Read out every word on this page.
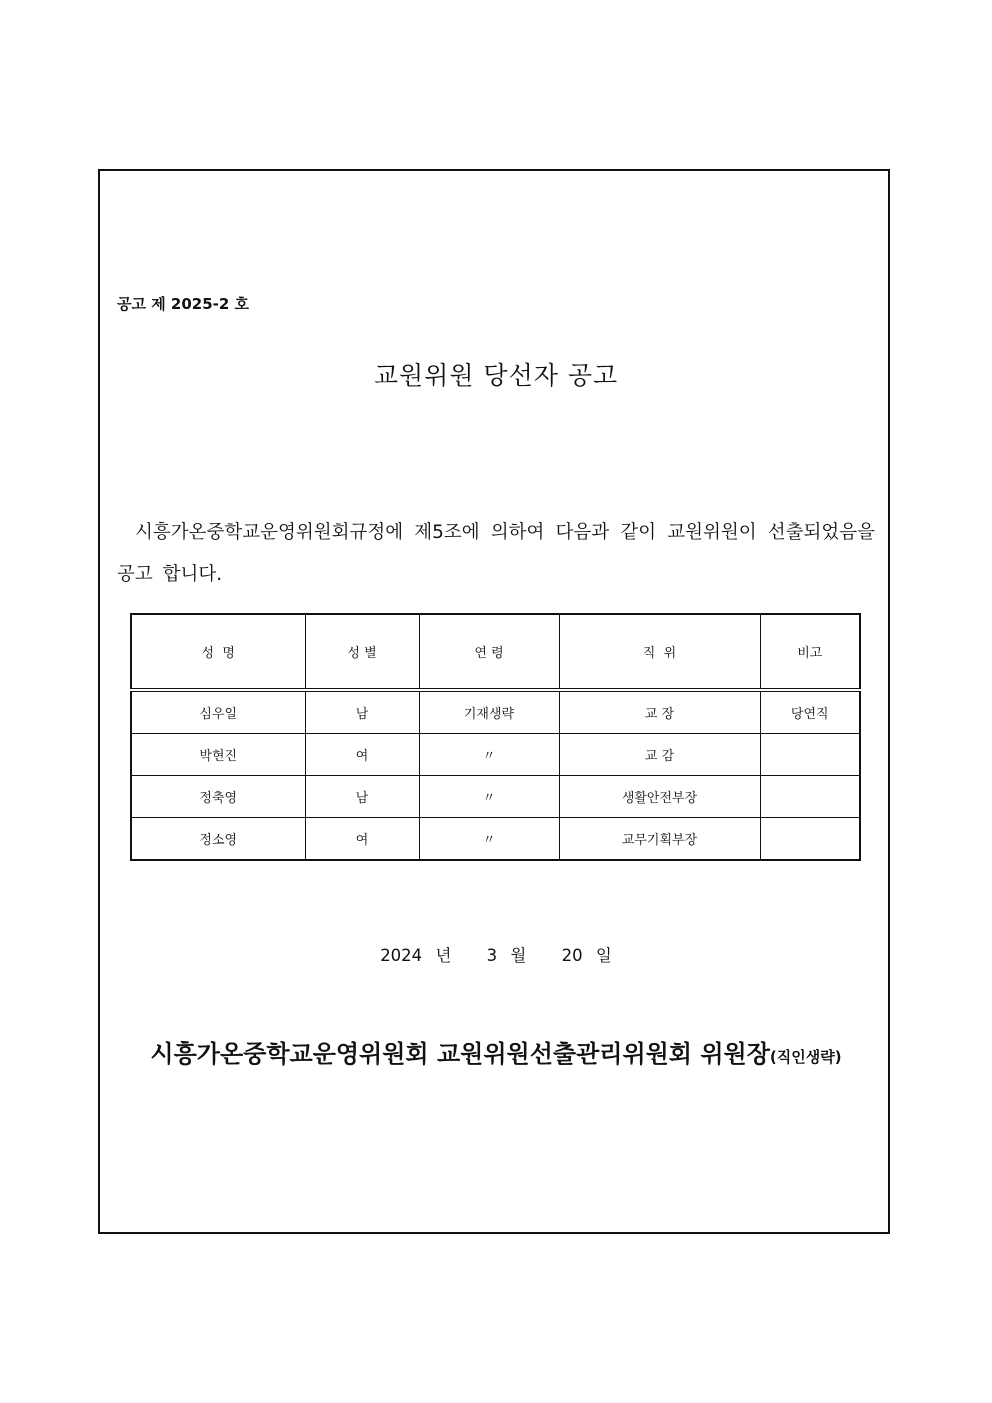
공고 제 2025-2 호
교원위원 당선자 공고
시흥가온중학교운영위원회규정에 제5조에 의하여 다음과 같이 교원위원이 선출되었음을 공고 합니다.
성  명	성 별	연 령	직  위	비고
심우일	남	기재생략	교 장	당연직
박현진	여	〃	교 감	
정축영	남	〃	생활안전부장	
정소영	여	〃	교무기획부장	
2024 년 3 월 20 일
시흥가온중학교운영위원회 교원위원선출관리위원회 위원장(직인생략)
